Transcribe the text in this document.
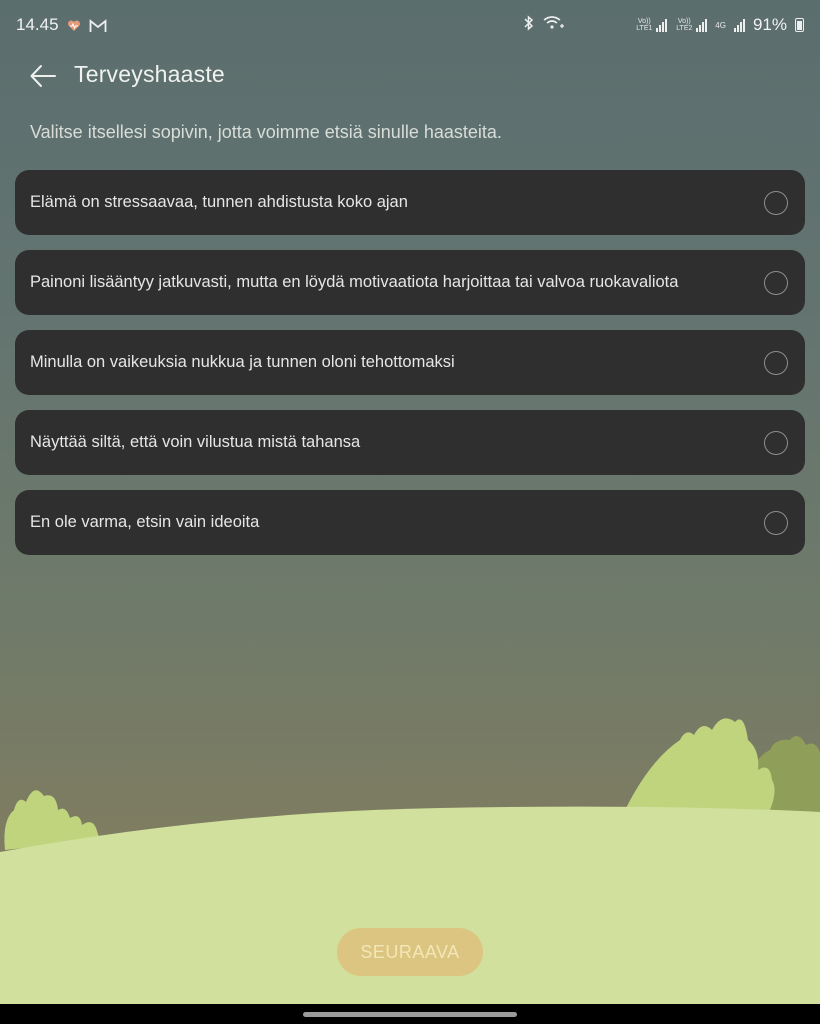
14.45	Vo)) LTE1
Vo)) LTE2	4G 91%
Terveyshaaste
Valitse itsellesi sopivin, jotta voimme etsiä sinulle haasteita.
Elämä on stressaavaa, tunnen ahdistusta koko ajan
Painoni lisääntyy jatkuvasti, mutta en löydä motivaatiota harjoittaa tai valvoa ruokavaliota
Minulla on vaikeuksia nukkua ja tunnen oloni tehottomaksi
Näyttää siltä, että voin vilustua mistä tahansa
En ole varma, etsin vain ideoita
SEURAAVA
